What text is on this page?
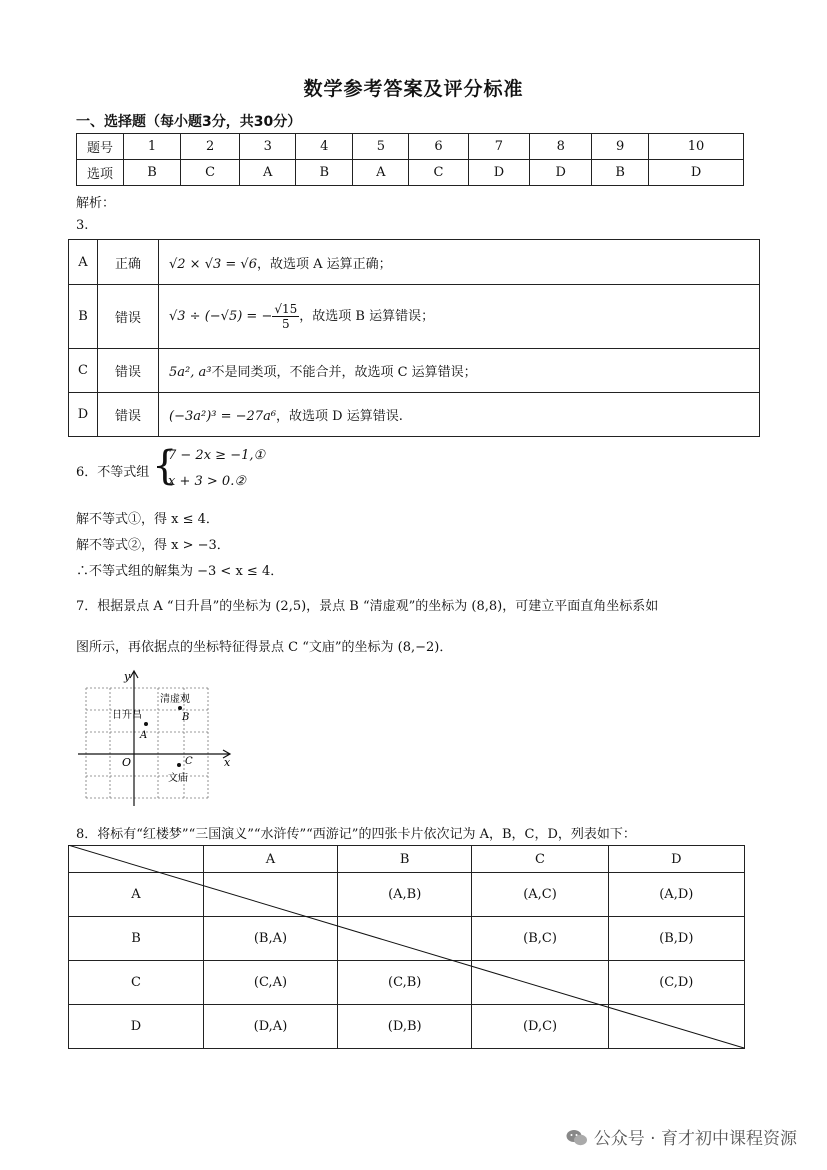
数学参考答案及评分标准
一、选择题（每小题3分，共30分）
题号	1	2	3	4	5	6	7	8	9	10
选项	B	C	A	B	A	C	D	D	B	D
解析：
3.
A	正确	√2 × √3 = √6，故选项 A 运算正确；
B	错误	√3 ÷ (−√5) = − $\frac{√15}{5}$ ，故选项 B 运算错误；
C	错误	5a², a³不是同类项，不能合并，故选项 C 运算错误；
D	错误	(−3a²)³ = −27a⁶，故选项 D 运算错误.
6．不等式组 {
7 − 2x ≥ −1,①
x + 3 > 0.②
解不等式①，得 x ≤ 4．
解不等式②，得 x > −3．
∴不等式组的解集为 −3 < x ≤ 4．
7．根据景点 A “日升昌”的坐标为 (2,5)，景点 B “清虚观”的坐标为 (8,8)，可建立平面直角坐标系如
图所示，再依据点的坐标特征得景点 C “文庙”的坐标为 (8,−2)．
y
x
O
日升昌
A
清虚观
B
C
文庙
8．将标有“红楼梦”“三国演义”“水浒传”“西游记”的四张卡片依次记为 A，B，C，D，列表如下：
	A	B	C	D
A		(A,B)	(A,C)	(A,D)
B	(B,A)		(B,C)	(B,D)
C	(C,A)	(C,B)		(C,D)
D	(D,A)	(D,B)	(D,C)	
公众号 · 育才初中课程资源
